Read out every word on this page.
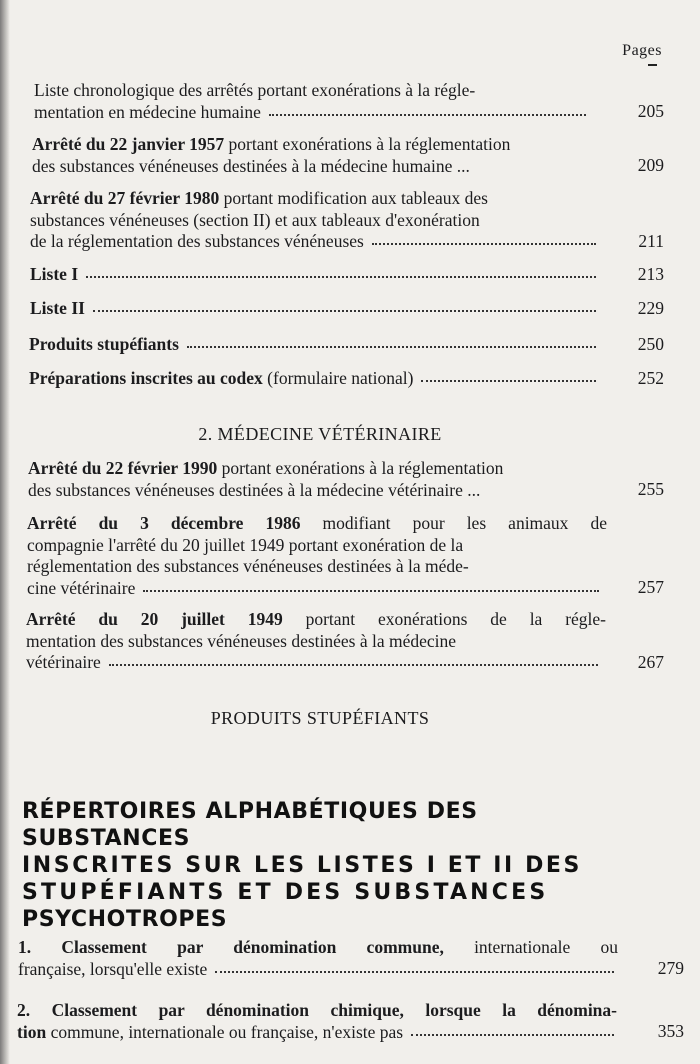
Pages
Liste chronologique des arrêtés portant exonérations à la régle-
mentation en médecine humaine	205
Arrêté du 22 janvier 1957 portant exonérations à la réglementation
des substances vénéneuses destinées à la médecine humaine ...	209
Arrêté du 27 février 1980 portant modification aux tableaux des
substances vénéneuses (section II) et aux tableaux d'exonération
de la réglementation des substances vénéneuses	211
Liste I	213
Liste II	229
Produits stupéfiants	250
Préparations inscrites au codex (formulaire national)	252
2. MÉDECINE VÉTÉRINAIRE
Arrêté du 22 février 1990 portant exonérations à la réglementation
des substances vénéneuses destinées à la médecine vétérinaire ...	255
Arrêté du 3 décembre 1986 modifiant pour les animaux de
compagnie l'arrêté du 20 juillet 1949 portant exonération de la
réglementation des substances vénéneuses destinées à la méde-
cine vétérinaire	257
Arrêté du 20 juillet 1949 portant exonérations de la régle-
mentation des substances vénéneuses destinées à la médecine
vétérinaire	267
PRODUITS STUPÉFIANTS
RÉPERTOIRES ALPHABÉTIQUES DES SUBSTANCES
INSCRITES SUR LES LISTES I ET II DES
STUPÉFIANTS ET DES SUBSTANCES
PSYCHOTROPES
1. Classement par dénomination commune, internationale ou
française, lorsqu'elle existe	279
2. Classement par dénomination chimique, lorsque la dénomina-
tion commune, internationale ou française, n'existe pas	353
